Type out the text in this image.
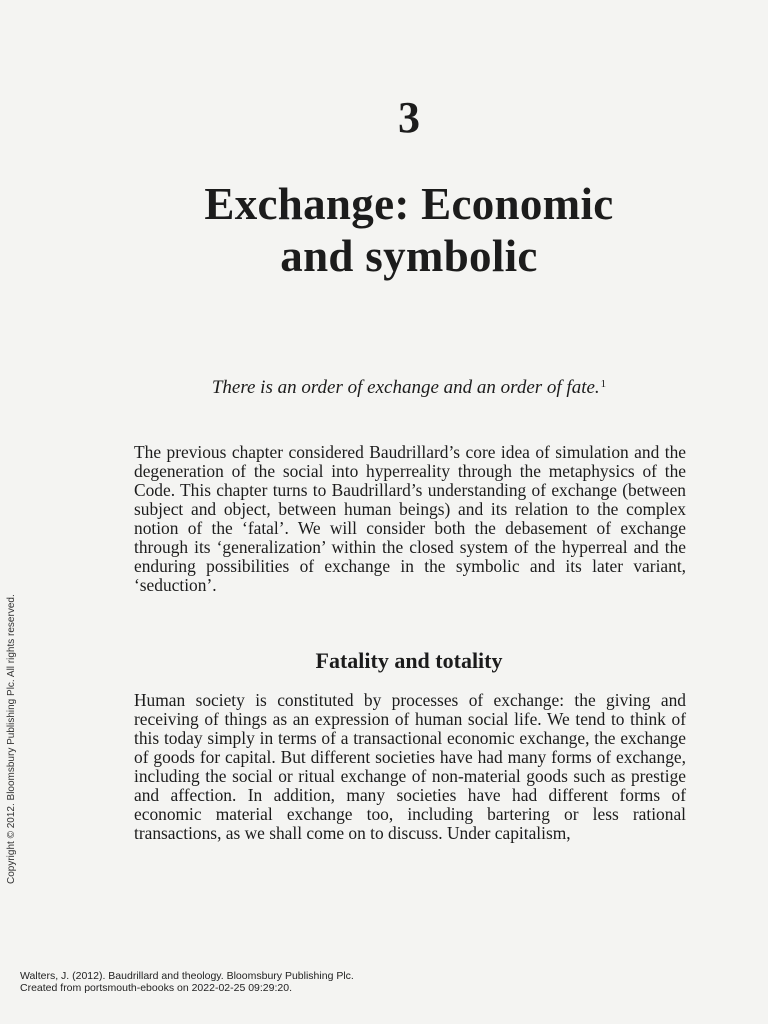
3
Exchange: Economic
and symbolic
There is an order of exchange and an order of fate.$^1$

The previous chapter considered Baudrillard’s core idea of simulation and the degeneration of the social into hyperreality through the metaphysics of the Code. This chapter turns to Baudrillard’s understanding of exchange (between subject and object, between human beings) and its relation to the complex notion of the ‘fatal’. We will consider both the debasement of exchange through its ‘generalization’ within the closed system of the hyperreal and the enduring possibilities of exchange in the symbolic and its later variant, ‘seduction’.

Fatality and totality

Human society is constituted by processes of exchange: the giving and receiving of things as an expression of human social life. We tend to think of this today simply in terms of a transactional economic exchange, the exchange of goods for capital. But different societies have had many forms of exchange, including the social or ritual exchange of non-material goods such as prestige and affection. In addition, many societies have had different forms of economic material exchange too, including bartering or less rational transactions, as we shall come on to discuss. Under capitalism,

Copyright © 2012. Bloomsbury Publishing Plc. All rights reserved.
Walters, J. (2012). Baudrillard and theology. Bloomsbury Publishing Plc.
Created from portsmouth-ebooks on 2022-02-25 09:29:20.
